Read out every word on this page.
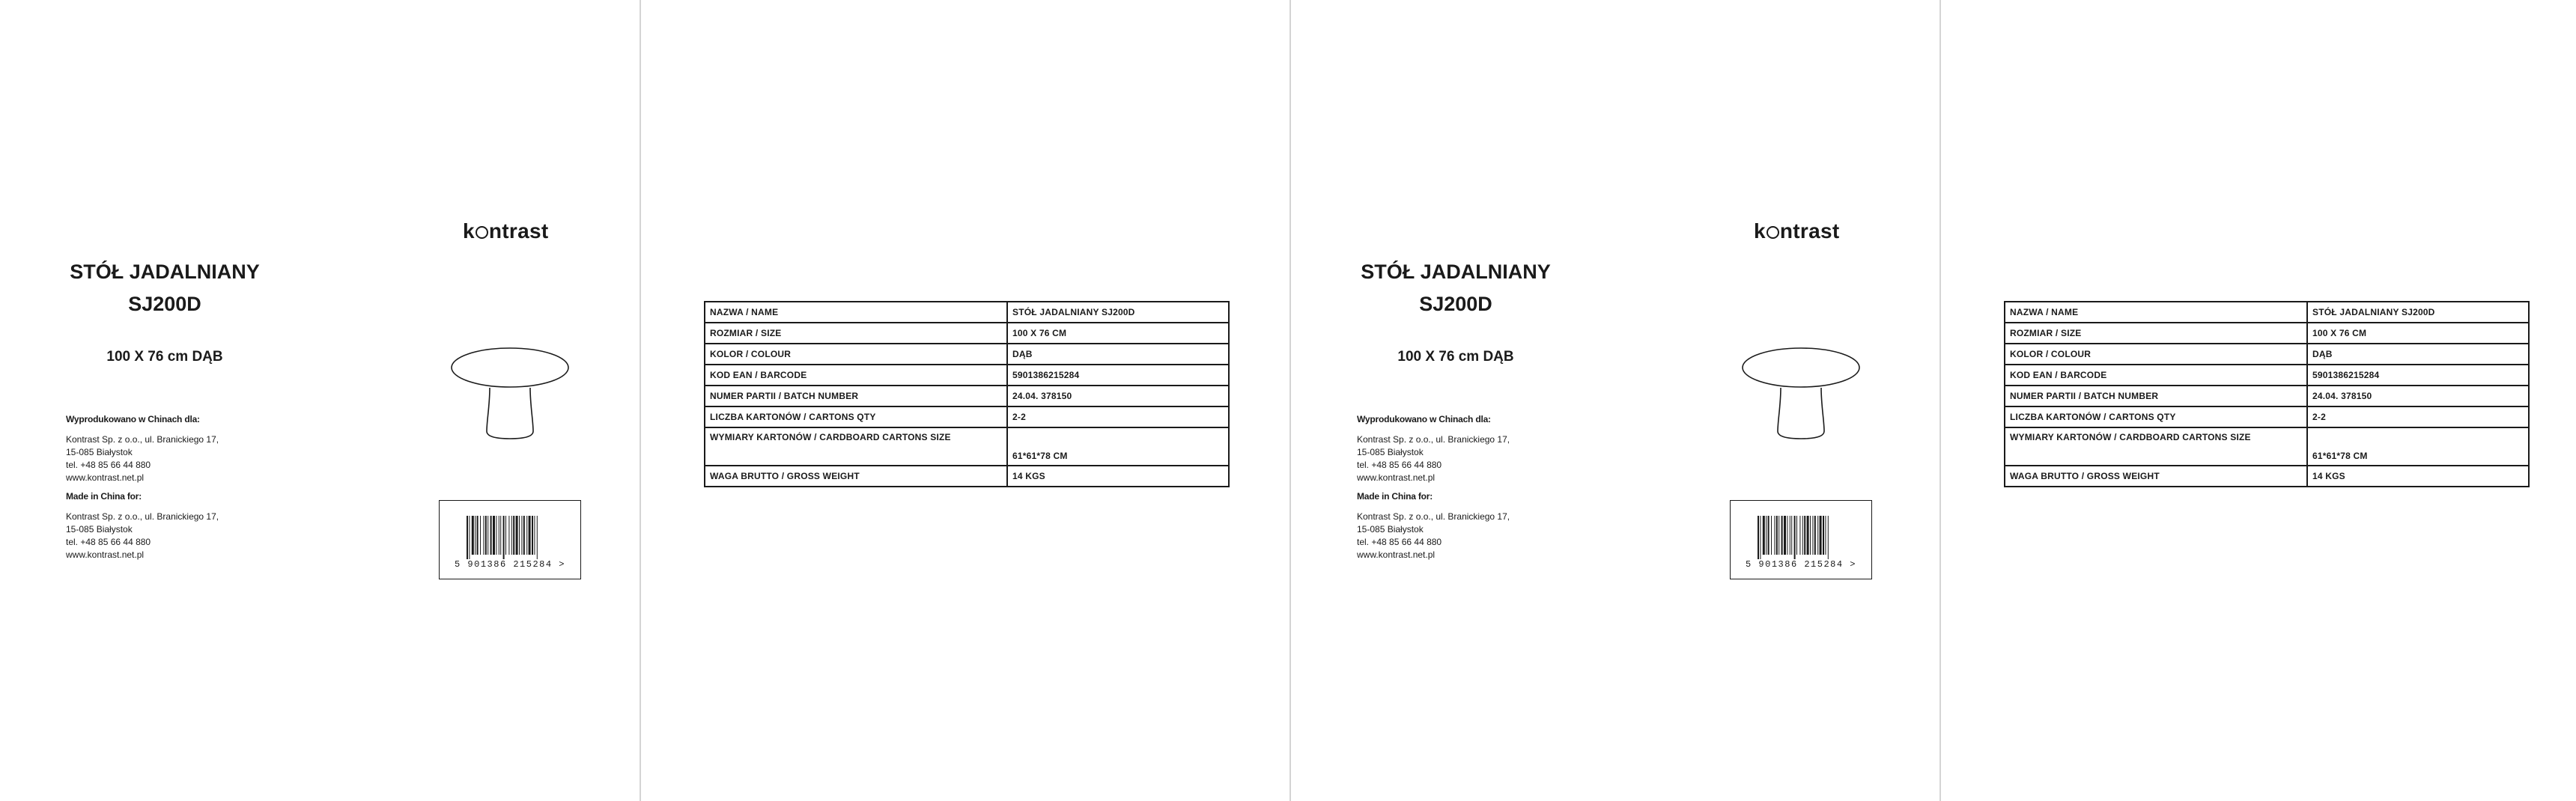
k ntrast
STÓŁ JADALNIANY
SJ200D
100 X 76 cm DĄB
Wyprodukowano w Chinach dla:
Kontrast Sp. z o.o., ul. Branickiego 17,
15-085 Białystok
tel. +48 85 66 44 880
www.kontrast.net.pl
Made in China for:
Kontrast Sp. z o.o., ul. Branickiego 17,
15-085 Białystok
tel. +48 85 66 44 880
www.kontrast.net.pl
5 901386 215284 >
NAZWA / NAME	STÓŁ JADALNIANY SJ200D
ROZMIAR / SIZE	100 X 76 CM
KOLOR / COLOUR	DĄB
KOD EAN / BARCODE	5901386215284
NUMER PARTII / BATCH NUMBER	24.04. 378150
LICZBA KARTONÓW / CARTONS QTY	2-2
WYMIARY KARTONÓW / CARDBOARD CARTONS SIZE	61*61*78 CM
WAGA BRUTTO / GROSS WEIGHT	14 KGS
k ntrast
STÓŁ JADALNIANY
SJ200D
100 X 76 cm DĄB
Wyprodukowano w Chinach dla:
Kontrast Sp. z o.o., ul. Branickiego 17,
15-085 Białystok
tel. +48 85 66 44 880
www.kontrast.net.pl
Made in China for:
Kontrast Sp. z o.o., ul. Branickiego 17,
15-085 Białystok
tel. +48 85 66 44 880
www.kontrast.net.pl
5 901386 215284 >
NAZWA / NAME	STÓŁ JADALNIANY SJ200D
ROZMIAR / SIZE	100 X 76 CM
KOLOR / COLOUR	DĄB
KOD EAN / BARCODE	5901386215284
NUMER PARTII / BATCH NUMBER	24.04. 378150
LICZBA KARTONÓW / CARTONS QTY	2-2
WYMIARY KARTONÓW / CARDBOARD CARTONS SIZE	61*61*78 CM
WAGA BRUTTO / GROSS WEIGHT	14 KGS
